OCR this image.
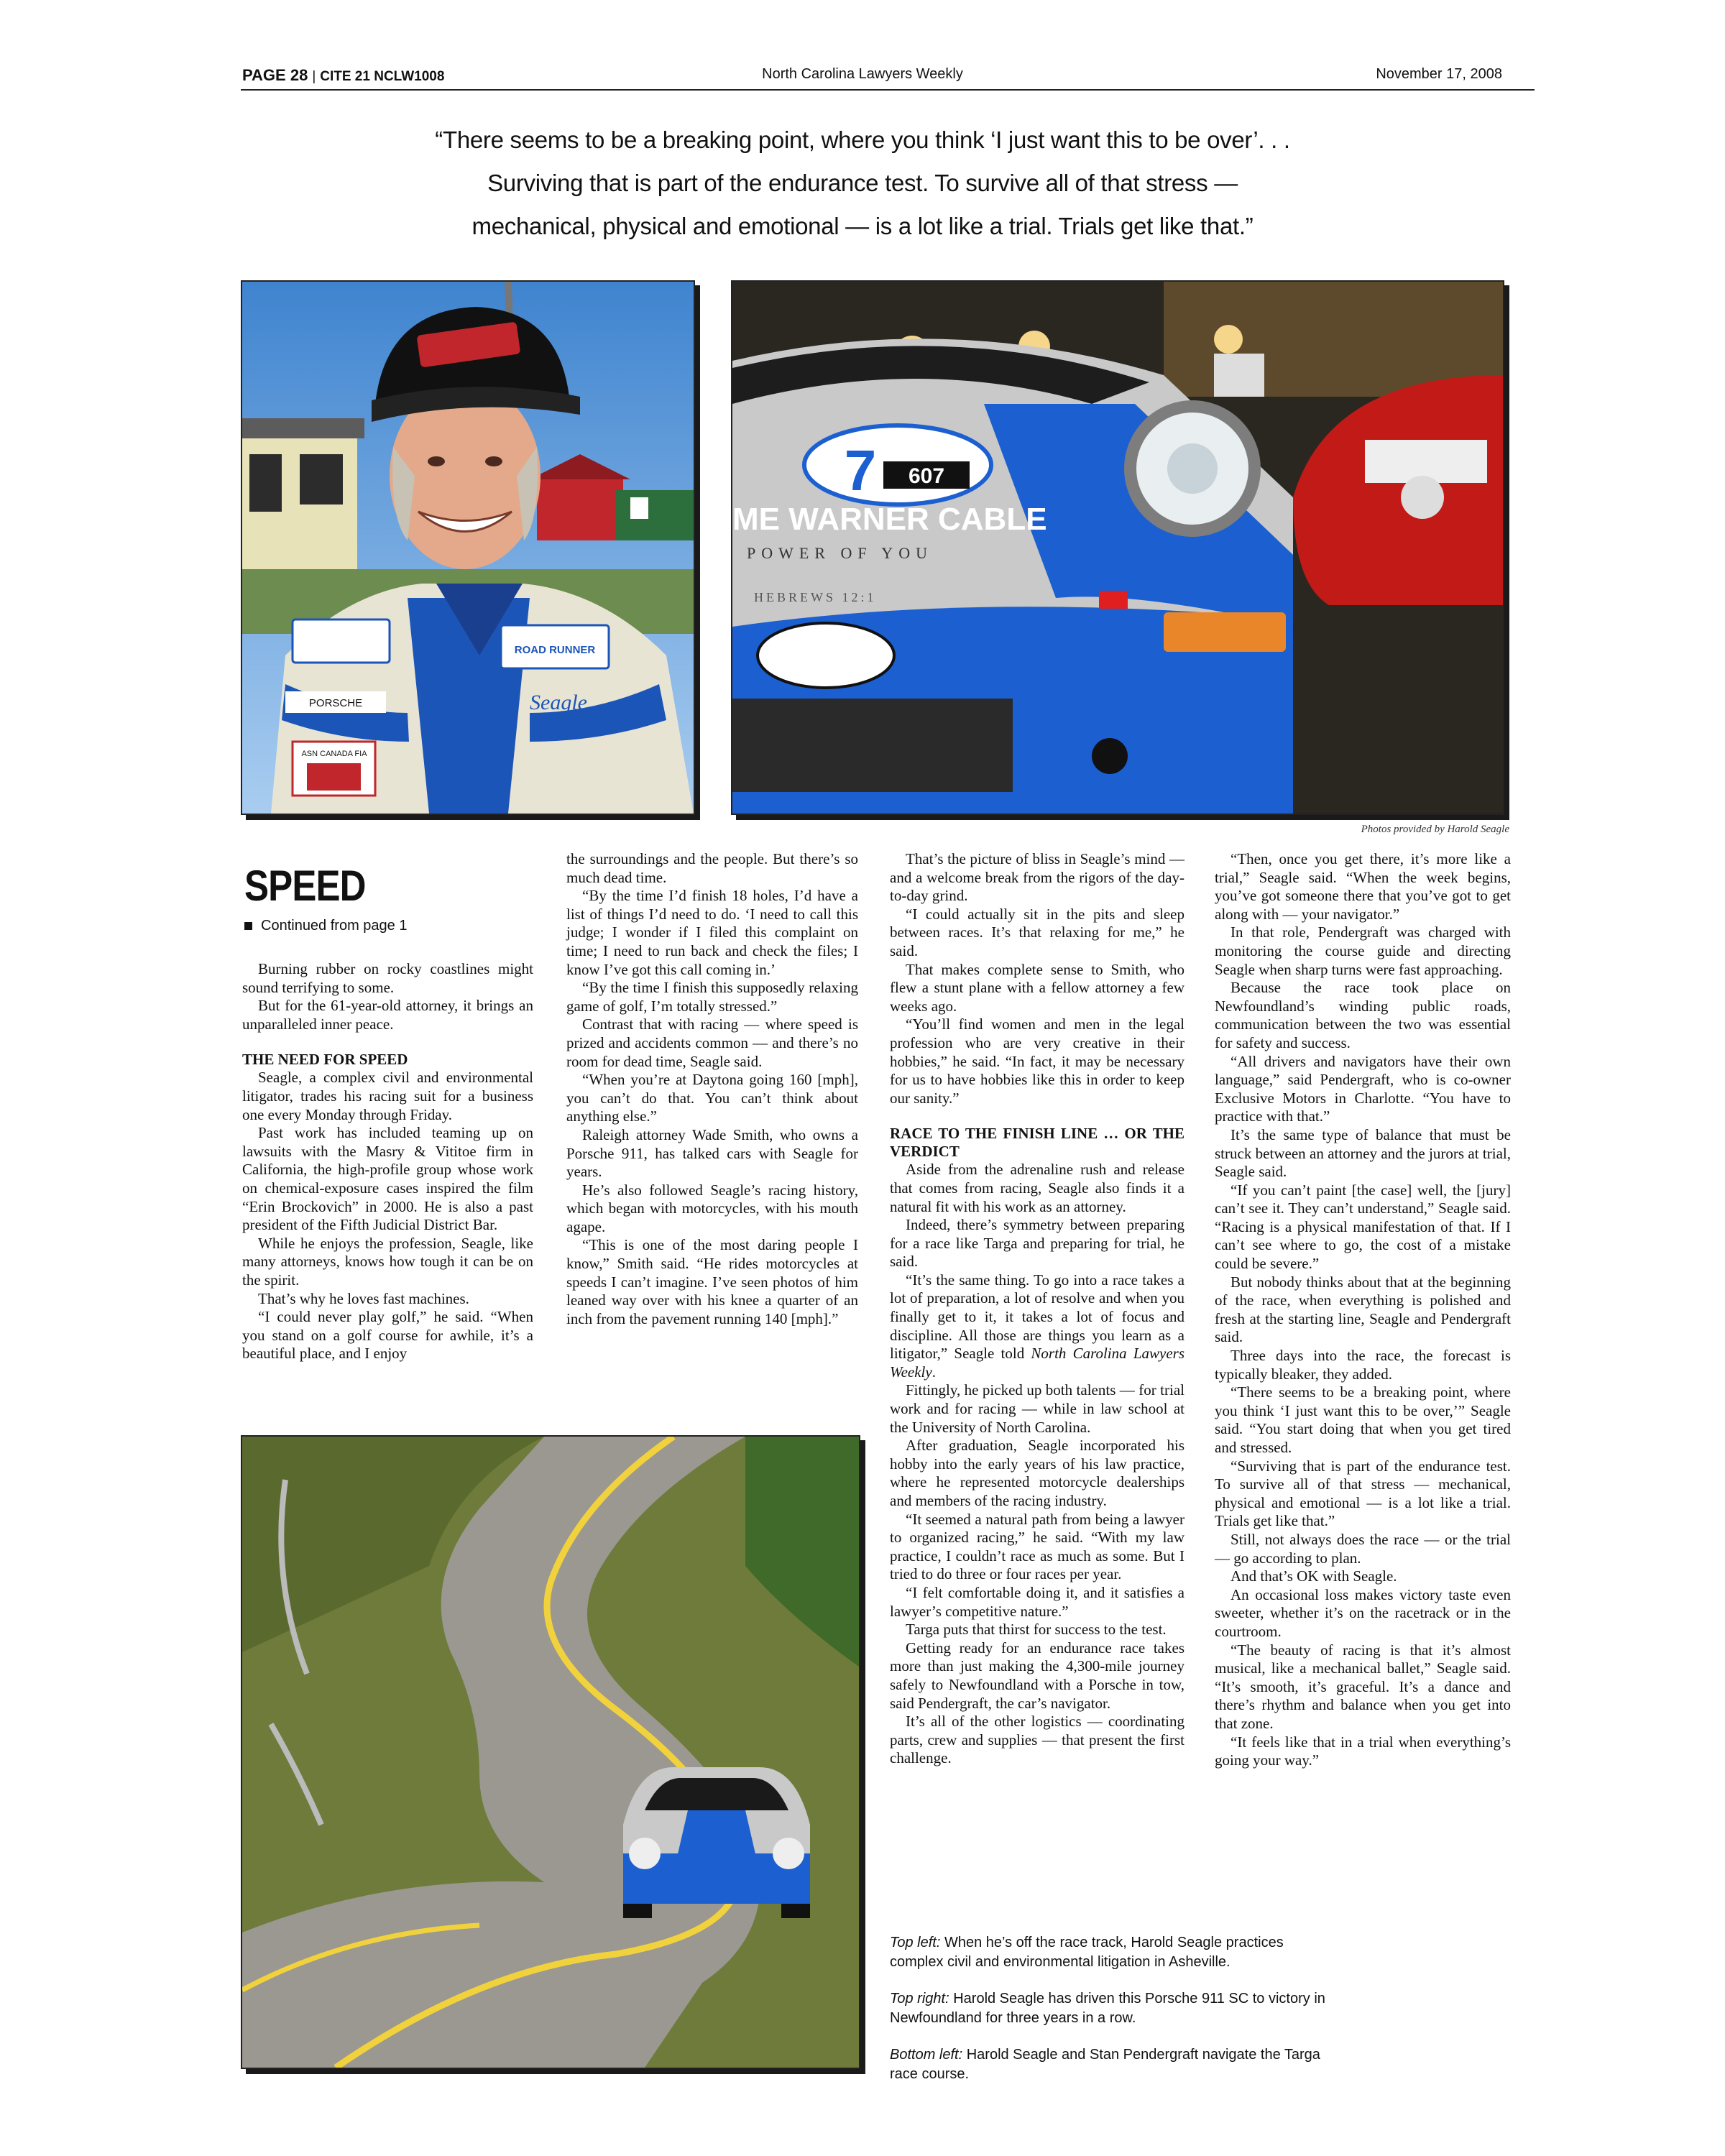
PAGE 28 | CITE 21 NCLW1008	North Carolina Lawyers Weekly	November 17, 2008
“There seems to be a breaking point, where you think ‘I just want this to be over’. . .
Surviving that is part of the endurance test. To survive all of that stress —
mechanical, physical and emotional — is a lot like a trial. Trials get like that.”
ROAD RUNNER
PORSCHE
ASN CANADA FIA
Seagle
7 607
ME WARNER CABLE
POWER OF YOU
HEBREWS 12:1
Photos provided by Harold Seagle
SPEED
Continued from page 1

Burning rubber on rocky coastlines might sound terrifying to some.

But for the 61-year-old attorney, it brings an unparalleled inner peace.

THE NEED FOR SPEED

Seagle, a complex civil and environmental litigator, trades his racing suit for a business one every Monday through Friday.

Past work has included teaming up on lawsuits with the Masry & Vititoe firm in California, the high-profile group whose work on chemical-exposure cases inspired the film “Erin Brockovich” in 2000. He is also a past president of the Fifth Judicial District Bar.

While he enjoys the profession, Seagle, like many attorneys, knows how tough it can be on the spirit.

That’s why he loves fast machines.

“I could never play golf,” he said. “When you stand on a golf course for awhile, it’s a beautiful place, and I enjoy

the surroundings and the people. But there’s so much dead time.

“By the time I’d finish 18 holes, I’d have a list of things I’d need to do. ‘I need to call this judge; I wonder if I filed this complaint on time; I need to run back and check the files; I know I’ve got this call coming in.’

“By the time I finish this supposedly relaxing game of golf, I’m totally stressed.”

Contrast that with racing — where speed is prized and accidents common — and there’s no room for dead time, Seagle said.

“When you’re at Daytona going 160 [mph], you can’t do that. You can’t think about anything else.”

Raleigh attorney Wade Smith, who owns a Porsche 911, has talked cars with Seagle for years.

He’s also followed Seagle’s racing history, which began with motorcycles, with his mouth agape.

“This is one of the most daring people I know,” Smith said. “He rides motorcycles at speeds I can’t imagine. I’ve seen photos of him leaned way over with his knee a quarter of an inch from the pavement running 140 [mph].”

That’s the picture of bliss in Seagle’s mind — and a welcome break from the rigors of the day-to-day grind.

“I could actually sit in the pits and sleep between races. It’s that relaxing for me,” he said.

That makes complete sense to Smith, who flew a stunt plane with a fellow attorney a few weeks ago.

“You’ll find women and men in the legal profession who are very creative in their hobbies,” he said. “In fact, it may be necessary for us to have hobbies like this in order to keep our sanity.”

RACE TO THE FINISH LINE … OR THE VERDICT

Aside from the adrenaline rush and release that comes from racing, Seagle also finds it a natural fit with his work as an attorney.

Indeed, there’s symmetry between preparing for a race like Targa and preparing for trial, he said.

“It’s the same thing. To go into a race takes a lot of preparation, a lot of resolve and when you finally get to it, it takes a lot of focus and discipline. All those are things you learn as a litigator,” Seagle told North Carolina Lawyers Weekly.

Fittingly, he picked up both talents — for trial work and for racing — while in law school at the University of North Carolina.

After graduation, Seagle incorporated his hobby into the early years of his law practice, where he represented motorcycle dealerships and members of the racing industry.

“It seemed a natural path from being a lawyer to organized racing,” he said. “With my law practice, I couldn’t race as much as some. But I tried to do three or four races per year.

“I felt comfortable doing it, and it satisfies a lawyer’s competitive nature.”

Targa puts that thirst for success to the test.

Getting ready for an endurance race takes more than just making the 4,300-mile journey safely to Newfoundland with a Porsche in tow, said Pendergraft, the car’s navigator.

It’s all of the other logistics — coordinating parts, crew and supplies — that present the first challenge.

“Then, once you get there, it’s more like a trial,” Seagle said. “When the week begins, you’ve got someone there that you’ve got to get along with — your navigator.”

In that role, Pendergraft was charged with monitoring the course guide and directing Seagle when sharp turns were fast approaching.

Because the race took place on Newfoundland’s winding public roads, communication between the two was essential for safety and success.

“All drivers and navigators have their own language,” said Pendergraft, who is co-owner Exclusive Motors in Charlotte. “You have to practice with that.”

It’s the same type of balance that must be struck between an attorney and the jurors at trial, Seagle said.

“If you can’t paint [the case] well, the [jury] can’t see it. They can’t understand,” Seagle said. “Racing is a physical manifestation of that. If I can’t see where to go, the cost of a mistake could be severe.”

But nobody thinks about that at the beginning of the race, when everything is polished and fresh at the starting line, Seagle and Pendergraft said.

Three days into the race, the forecast is typically bleaker, they added.

“There seems to be a breaking point, where you think ‘I just want this to be over,’” Seagle said. “You start doing that when you get tired and stressed.

“Surviving that is part of the endurance test. To survive all of that stress — mechanical, physical and emotional — is a lot like a trial. Trials get like that.”

Still, not always does the race — or the trial — go according to plan.

And that’s OK with Seagle.

An occasional loss makes victory taste even sweeter, whether it’s on the racetrack or in the courtroom.

“The beauty of racing is that it’s almost musical, like a mechanical ballet,” Seagle said. “It’s smooth, it’s graceful. It’s a dance and there’s rhythm and balance when you get into that zone.

“It feels like that in a trial when everything’s going your way.”

Top left: When he’s off the race track, Harold Seagle practices complex civil and environmental litigation in Asheville.

Top right: Harold Seagle has driven this Porsche 911 SC to victory in Newfoundland for three years in a row.

Bottom left: Harold Seagle and Stan Pendergraft navigate the Targa race course.
